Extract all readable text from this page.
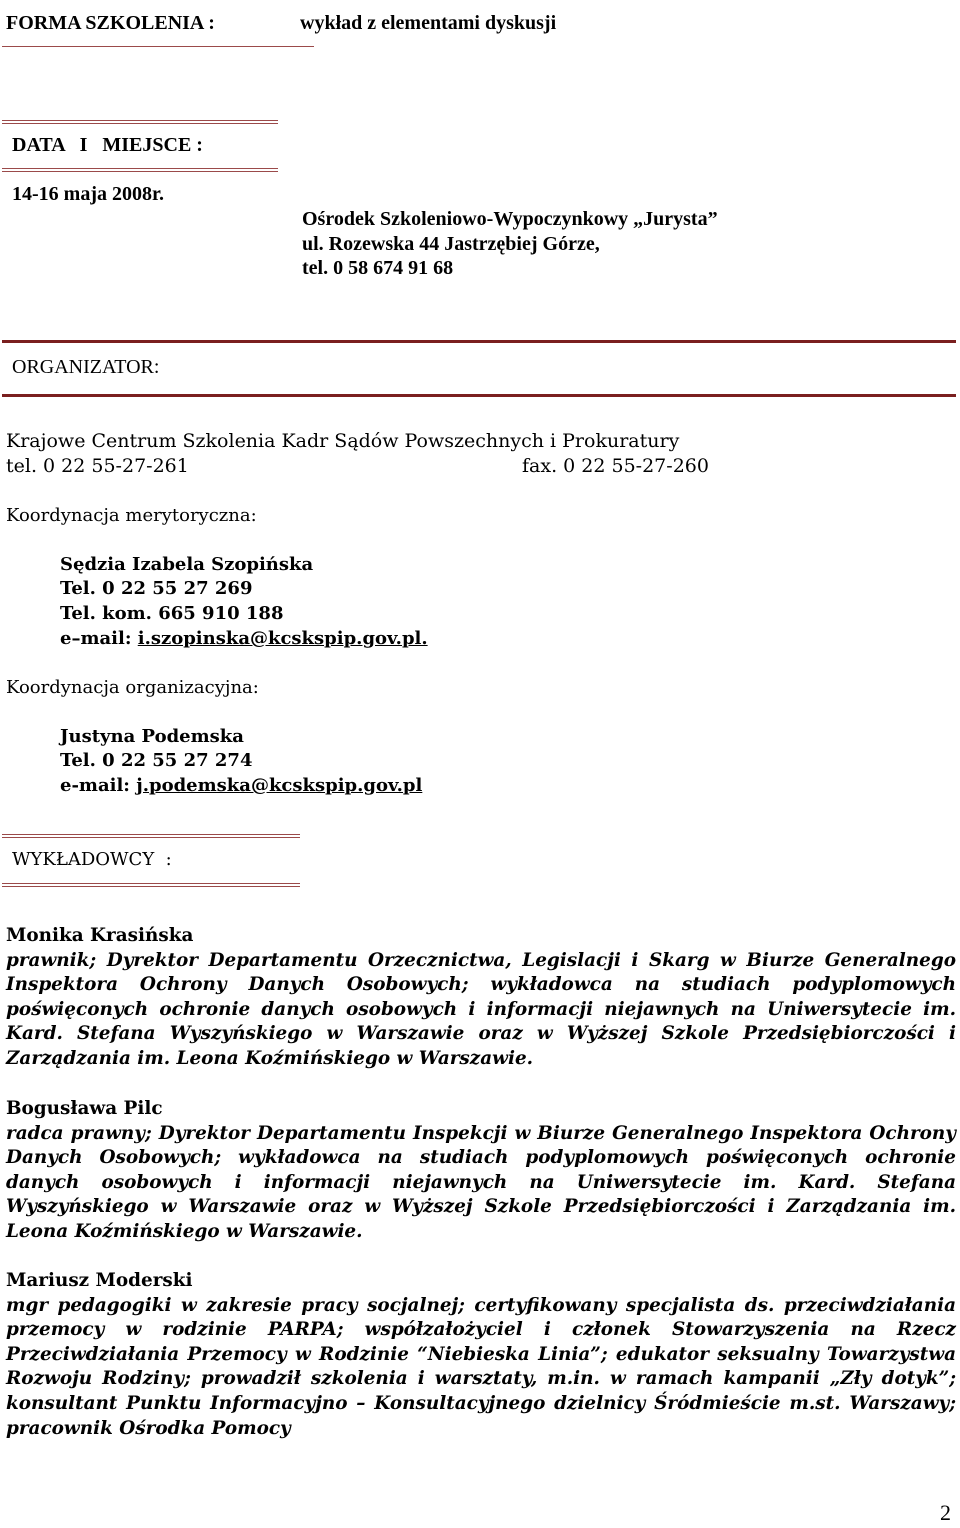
FORMA SZKOLENIA :	wykład z elementami dyskusji
DATA   I   MIEJSCE :
14-16 maja 2008r.
Ośrodek Szkoleniowo-Wypoczynkowy „Jurysta”
ul. Rozewska 44 Jastrzębiej Górze,
tel. 0 58 674 91 68
ORGANIZATOR:
Krajowe Centrum Szkolenia Kadr Sądów Powszechnych i Prokuratury
tel. 0 22 55-27-261	fax. 0 22 55-27-260
Koordynacja merytoryczna:
Sędzia Izabela Szopińska
Tel. 0 22 55 27 269
Tel. kom. 665 910 188
e–mail: i.szopinska@kcskspip.gov.pl.
Koordynacja organizacyjna:
Justyna Podemska
Tel. 0 22 55 27 274
e-mail: j.podemska@kcskspip.gov.pl
WYKŁADOWCY  :
Monika Krasińska
prawnik; Dyrektor Departamentu Orzecznictwa, Legislacji i Skarg w Biurze Generalnego Inspektora Ochrony Danych Osobowych; wykładowca na studiach podyplomowych poświęconych ochronie danych osobowych i informacji niejawnych na Uniwersytecie im. Kard. Stefana Wyszyńskiego w Warszawie oraz w Wyższej Szkole Przedsiębiorczości i Zarządzania im. Leona Koźmińskiego w Warszawie.
Bogusława Pilc
radca prawny; Dyrektor Departamentu Inspekcji w Biurze Generalnego Inspektora Ochrony Danych Osobowych; wykładowca na studiach podyplomowych poświęconych ochronie danych osobowych i informacji niejawnych na Uniwersytecie im. Kard. Stefana Wyszyńskiego w Warszawie oraz w Wyższej Szkole Przedsiębiorczości i Zarządzania im. Leona Koźmińskiego w Warszawie.
Mariusz Moderski
mgr pedagogiki w zakresie pracy socjalnej; certyfikowany specjalista ds. przeciwdziałania przemocy w rodzinie PARPA; współzałożyciel i członek Stowarzyszenia na Rzecz Przeciwdziałania Przemocy w Rodzinie “Niebieska Linia”; edukator seksualny Towarzystwa Rozwoju Rodziny; prowadził szkolenia i warsztaty, m.in. w ramach kampanii „Zły dotyk”; konsultant Punktu Informacyjno – Konsultacyjnego dzielnicy Śródmieście m.st. Warszawy; pracownik Ośrodka Pomocy
2
